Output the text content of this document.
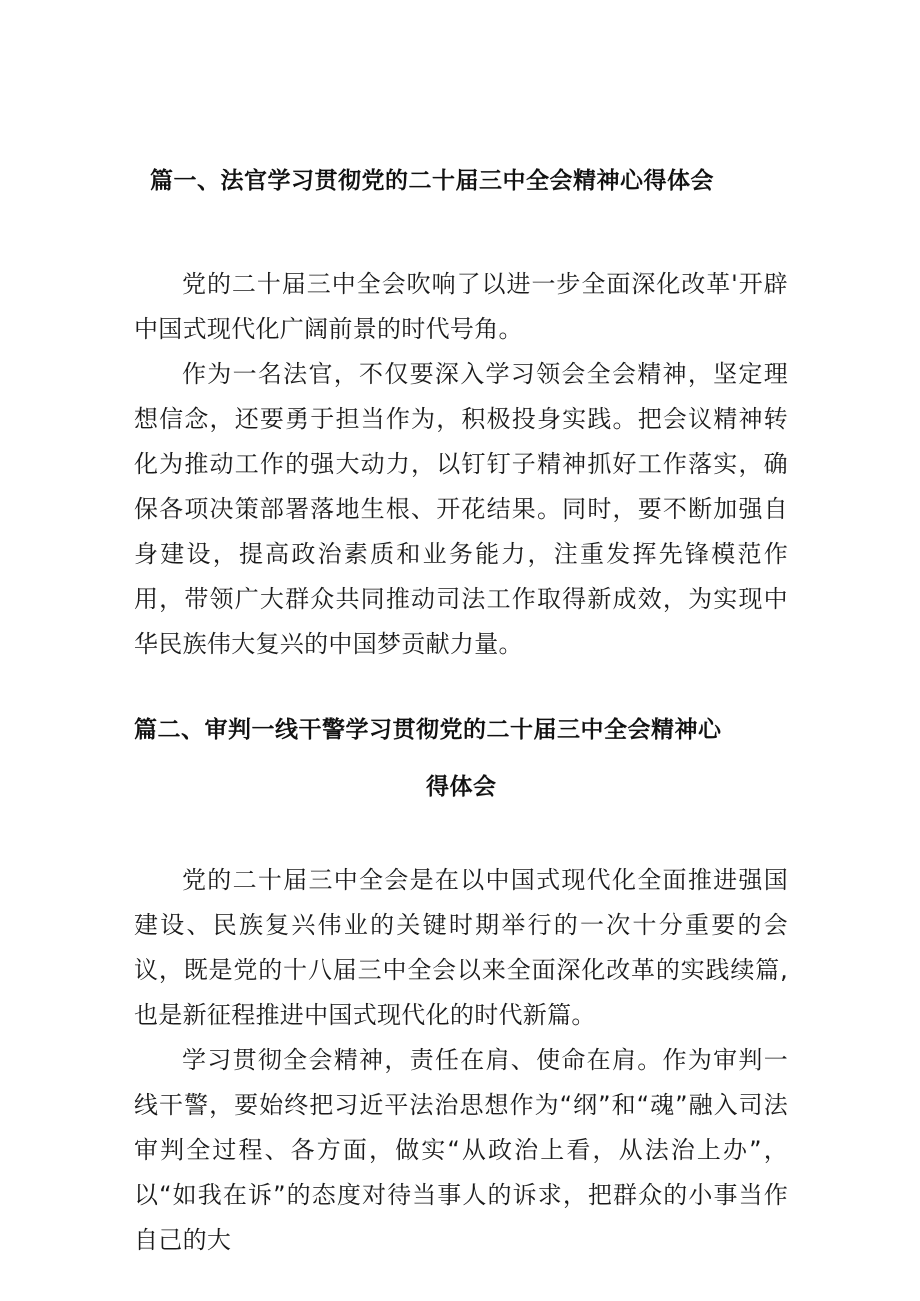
篇一、法官学习贯彻党的二十届三中全会精神心得体会
党的二十届三中全会吹响了以进一步全面深化改革'开辟中国式现代化广阔前景的时代号角。
作为一名法官，不仅要深入学习领会全会精神，坚定理想信念，还要勇于担当作为，积极投身实践。把会议精神转化为推动工作的强大动力，以钉钉子精神抓好工作落实，确保各项决策部署落地生根、开花结果。同时，要不断加强自身建设，提高政治素质和业务能力，注重发挥先锋模范作用，带领广大群众共同推动司法工作取得新成效，为实现中华民族伟大复兴的中国梦贡献力量。
篇二、审判一线干警学习贯彻党的二十届三中全会精神心
得体会
党的二十届三中全会是在以中国式现代化全面推进强国建设、民族复兴伟业的关键时期举行的一次十分重要的会议，既是党的十八届三中全会以来全面深化改革的实践续篇,也是新征程推进中国式现代化的时代新篇。
学习贯彻全会精神，责任在肩、使命在肩。作为审判一线干警，要始终把习近平法治思想作为“纲”和“魂”融入司法审判全过程、各方面，做实“从政治上看，从法治上办”，以“如我在诉”的态度对待当事人的诉求，把群众的小事当作自己的大
